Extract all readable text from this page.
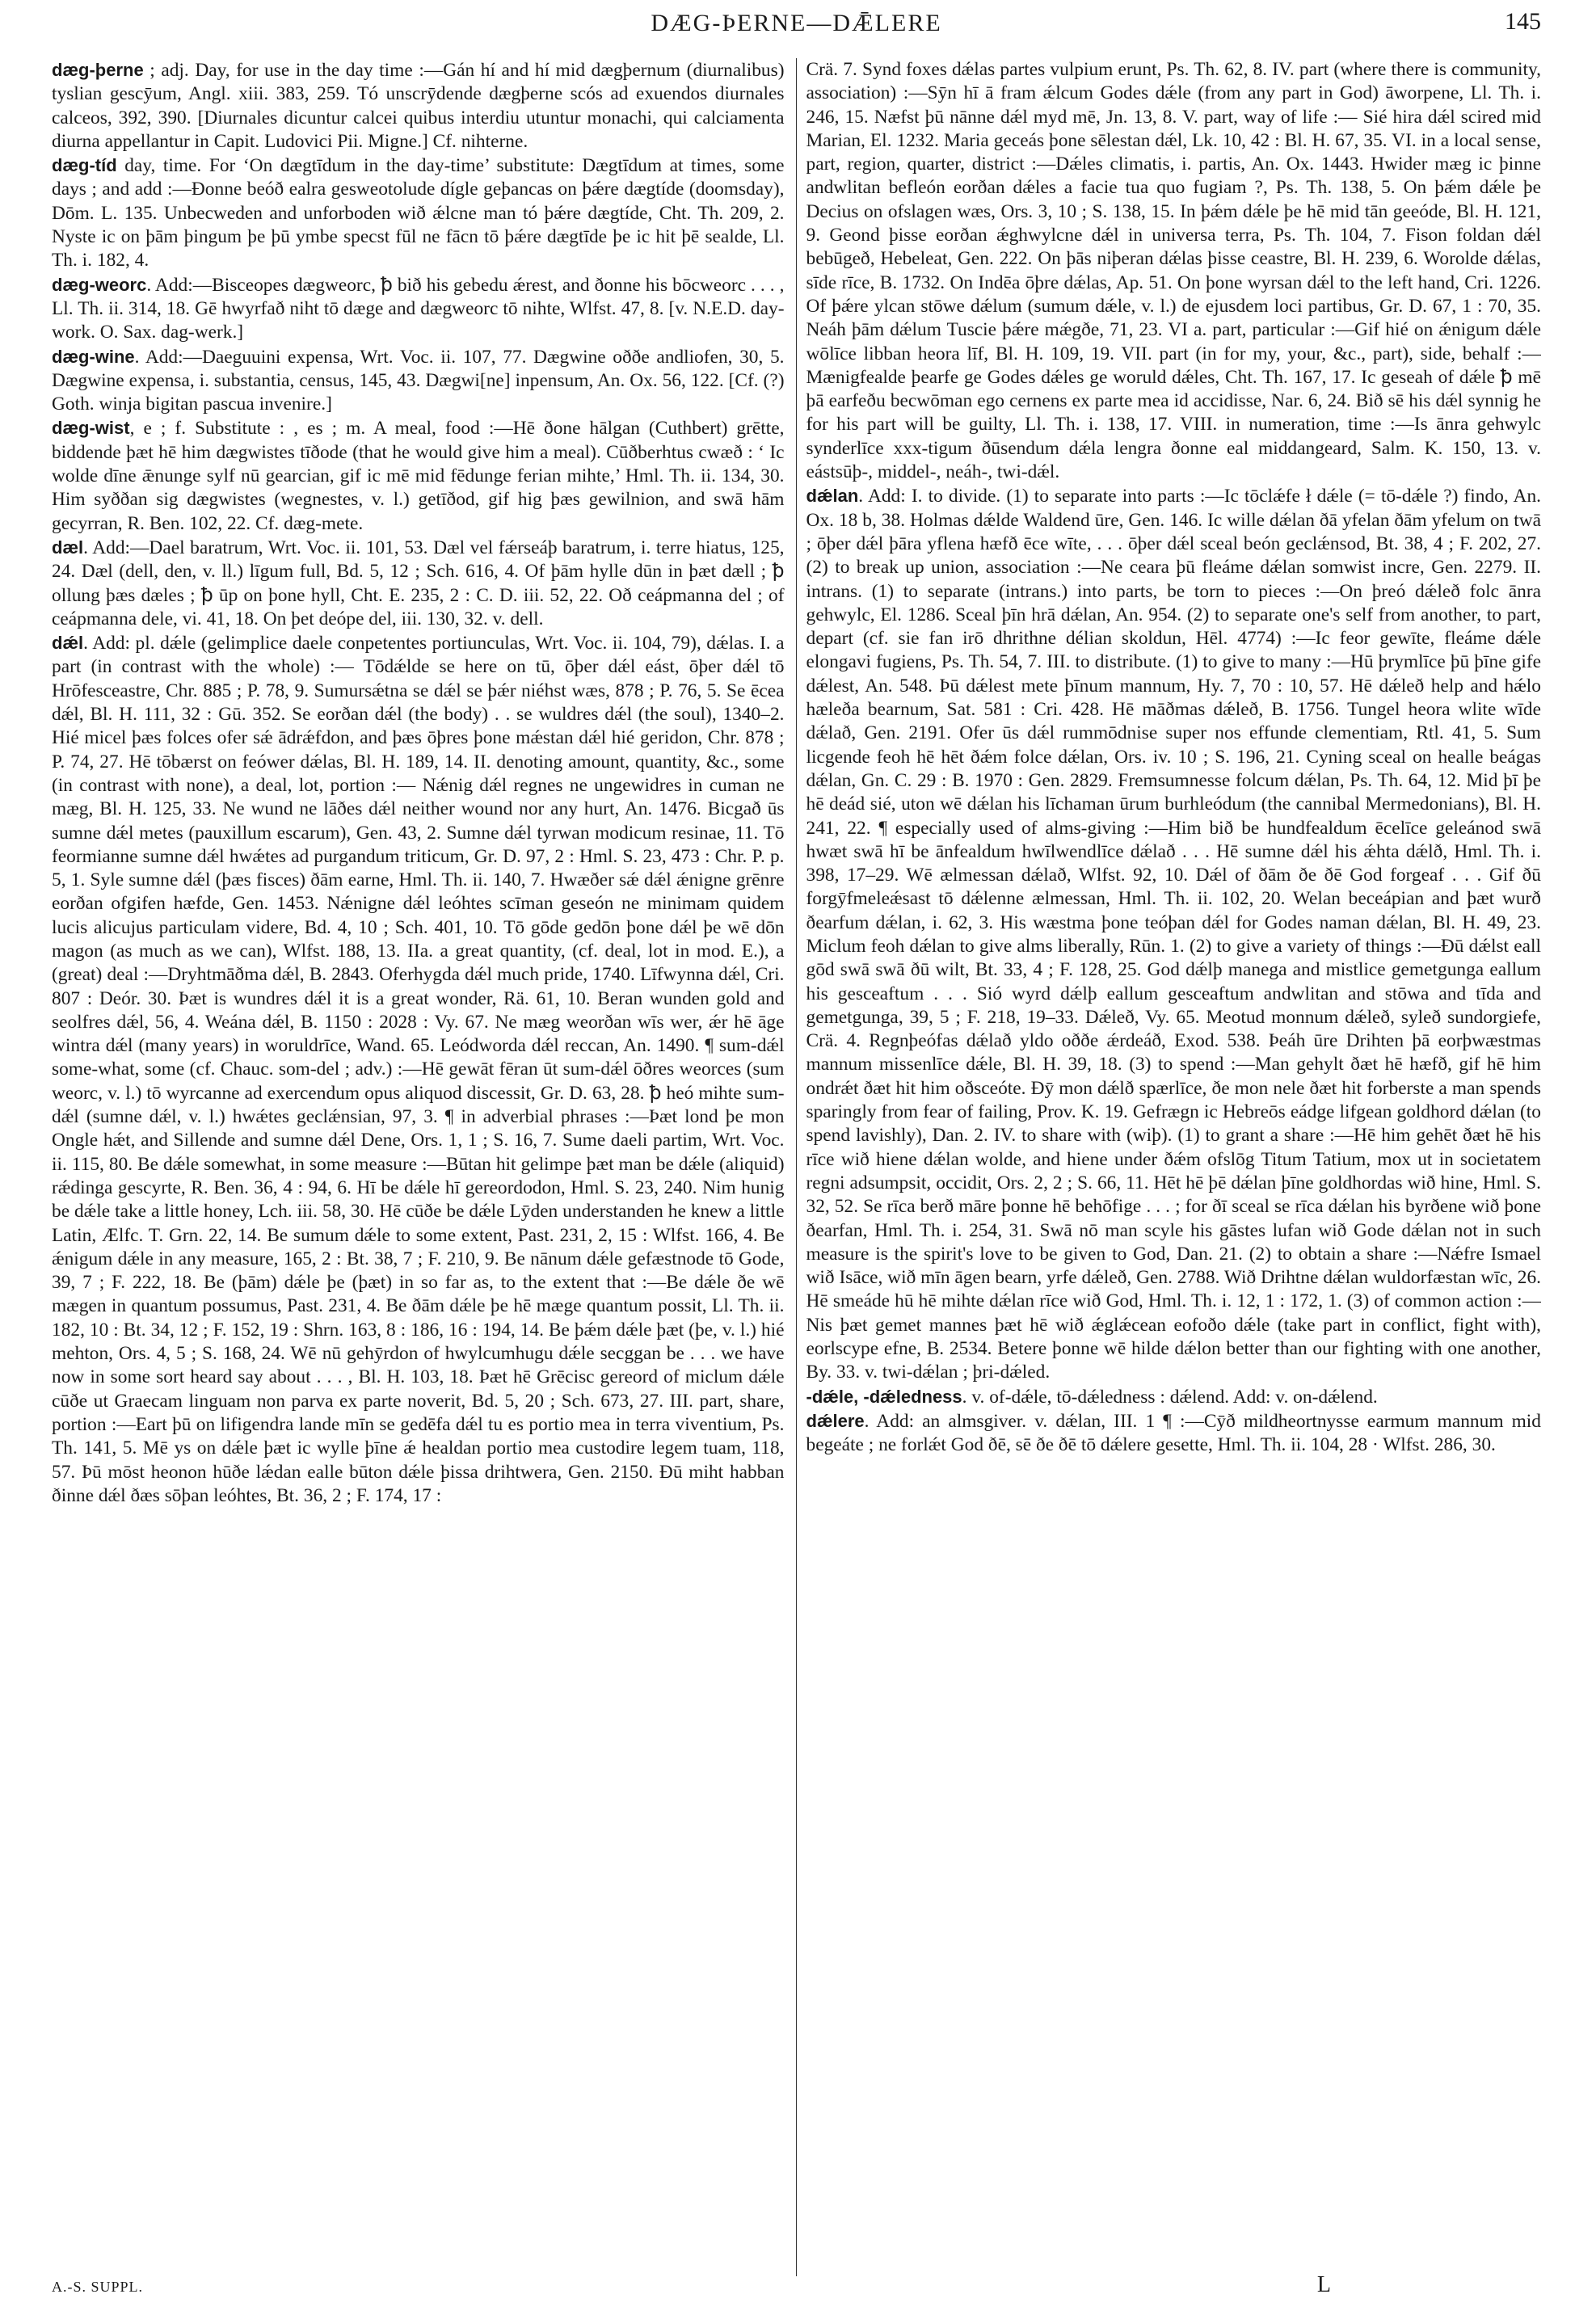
DÆG-ÞERNE—DǢLERE	145

dæg-þerne ; adj. Day, for use in the day time :—Gán hí and hí mid dægþernum (diurnalibus) tyslian gescȳum, Angl. xiii. 383, 259. Tó unscrȳdende dægþerne scós ad exuendos diurnales calceos, 392, 390. [Diurnales dicuntur calcei quibus interdiu utuntur monachi, qui calciamenta diurna appellantur in Capit. Ludovici Pii. Migne.] Cf. nihterne.

dæg-tíd day, time. For ‘On dægtīdum in the day-time’ substitute: Dægtīdum at times, some days ; and add :—Ðonne beóð ealra gesweotolude dígle geþancas on þǽre dægtíde (doomsday), Dōm. L. 135. Unbecweden and unforboden wið ǽlcne man tó þǽre dægtíde, Cht. Th. 209, 2. Nyste ic on þām þingum þe þū ymbe specst fūl ne fācn tō þǽre dægtīde þe ic hit þē sealde, Ll. Th. i. 182, 4.

dæg-weorc. Add:—Bisceopes dægweorc, ꝥ bið his gebedu ǽrest, and ðonne his bōcweorc . . . , Ll. Th. ii. 314, 18. Gē hwyrfað niht tō dæge and dægweorc tō nihte, Wlfst. 47, 8. [v. N.E.D. day-work. O. Sax. dag-werk.]

dæg-wine. Add:—Daeguuini expensa, Wrt. Voc. ii. 107, 77. Dægwine oððe andliofen, 30, 5. Dægwine expensa, i. substantia, census, 145, 43. Dægwi[ne] inpensum, An. Ox. 56, 122. [Cf. (?) Goth. winja bigitan pascua invenire.]

dæg-wist, e ; f. Substitute : , es ; m. A meal, food :—Hē ðone hālgan (Cuthbert) grētte, biddende þæt hē him dægwistes tīðode (that he would give him a meal). Cūðberhtus cwæð : ‘ Ic wolde dīne ǣnunge sylf nū gearcian, gif ic mē mid fēdunge ferian mihte,’ Hml. Th. ii. 134, 30. Him syððan sig dægwistes (wegnestes, v. l.) getīðod, gif hig þæs gewilnion, and swā hām gecyrran, R. Ben. 102, 22. Cf. dæg-mete.

dæl. Add:—Dael baratrum, Wrt. Voc. ii. 101, 53. Dæl vel fǽrseáþ baratrum, i. terre hiatus, 125, 24. Dæl (dell, den, v. ll.) līgum full, Bd. 5, 12 ; Sch. 616, 4. Of þām hylle dūn in þæt dæll ; ꝥ ollung þæs dæles ; ꝥ ūp on þone hyll, Cht. E. 235, 2 : C. D. iii. 52, 22. Oð ceápmanna del ; of ceápmanna dele, vi. 41, 18. On þet deópe del, iii. 130, 32. v. dell.

dǽl. Add: pl. dǽle (gelimplice daele conpetentes portiunculas, Wrt. Voc. ii. 104, 79), dǽlas. I. a part (in contrast with the whole) :— Tōdǽlde se here on tū, ōþer dǽl eást, ōþer dǽl tō Hrōfesceastre, Chr. 885 ; P. 78, 9. Sumursǽtna se dǽl se þǽr niéhst wæs, 878 ; P. 76, 5. Se ēcea dǽl, Bl. H. 111, 32 : Gū. 352. Se eorðan dǽl (the body) . . se wuldres dǽl (the soul), 1340–2. Hié micel þæs folces ofer sǽ ādrǽfdon, and þæs ōþres þone mǽstan dǽl hié geridon, Chr. 878 ; P. 74, 27. Hē tōbærst on feówer dǽlas, Bl. H. 189, 14. II. denoting amount, quantity, &c., some (in contrast with none), a deal, lot, portion :— Nǽnig dǽl regnes ne ungewidres in cuman ne mæg, Bl. H. 125, 33. Ne wund ne lāðes dǽl neither wound nor any hurt, An. 1476. Bicgað ūs sumne dǽl metes (pauxillum escarum), Gen. 43, 2. Sumne dǽl tyrwan modicum resinae, 11. Tō feormianne sumne dǽl hwǽtes ad purgandum triticum, Gr. D. 97, 2 : Hml. S. 23, 473 : Chr. P. p. 5, 1. Syle sumne dǽl (þæs fisces) ðām earne, Hml. Th. ii. 140, 7. Hwæðer sǽ dǽl ǽnigne grēnre eorðan ofgifen hæfde, Gen. 1453. Nǽnigne dǽl leóhtes scīman geseón ne minimam quidem lucis alicujus particulam videre, Bd. 4, 10 ; Sch. 401, 10. Tō gōde gedōn þone dǽl þe wē dōn magon (as much as we can), Wlfst. 188, 13. IIa. a great quantity, (cf. deal, lot in mod. E.), a (great) deal :—Dryhtmāðma dǽl, B. 2843. Oferhygda dǽl much pride, 1740. Līfwynna dǽl, Cri. 807 : Deór. 30. Þæt is wundres dǽl it is a great wonder, Rä. 61, 10. Beran wunden gold and seolfres dǽl, 56, 4. Weána dǽl, B. 1150 : 2028 : Vy. 67. Ne mæg weorðan wīs wer, ǽr hē āge wintra dǽl (many years) in woruldrīce, Wand. 65. Leódworda dǽl reccan, An. 1490. ¶ sum-dǽl some-what, some (cf. Chauc. som-del ; adv.) :—Hē gewāt fēran ūt sum-dǽl ōðres weorces (sum weorc, v. l.) tō wyrcanne ad exercendum opus aliquod discessit, Gr. D. 63, 28. ꝥ heó mihte sum-dǽl (sumne dǽl, v. l.) hwǽtes geclǽnsian, 97, 3. ¶ in adverbial phrases :—Þæt lond þe mon Ongle hǽt, and Sillende and sumne dǽl Dene, Ors. 1, 1 ; S. 16, 7. Sume daeli partim, Wrt. Voc. ii. 115, 80. Be dǽle somewhat, in some measure :—Būtan hit gelimpe þæt man be dǽle (aliquid) rǽdinga gescyrte, R. Ben. 36, 4 : 94, 6. Hī be dǽle hī gereordodon, Hml. S. 23, 240. Nim hunig be dǽle take a little honey, Lch. iii. 58, 30. Hē cūðe be dǽle Lȳden understanden he knew a little Latin, Ælfc. T. Grn. 22, 14. Be sumum dǽle to some extent, Past. 231, 2, 15 : Wlfst. 166, 4. Be ǽnigum dǽle in any measure, 165, 2 : Bt. 38, 7 ; F. 210, 9. Be nānum dǽle gefæstnode tō Gode, 39, 7 ; F. 222, 18. Be (þām) dǽle þe (þæt) in so far as, to the extent that :—Be dǽle ðe wē mægen in quantum possumus, Past. 231, 4. Be ðām dǽle þe hē mæge quantum possit, Ll. Th. ii. 182, 10 : Bt. 34, 12 ; F. 152, 19 : Shrn. 163, 8 : 186, 16 : 194, 14. Be þǽm dǽle þæt (þe, v. l.) hié mehton, Ors. 4, 5 ; S. 168, 24. Wē nū gehȳrdon of hwylcumhugu dǽle secggan be . . . we have now in some sort heard say about . . . , Bl. H. 103, 18. Þæt hē Grēcisc gereord of miclum dǽle cūðe ut Graecam linguam non parva ex parte noverit, Bd. 5, 20 ; Sch. 673, 27. III. part, share, portion :—Eart þū on lifigendra lande mīn se gedēfa dǽl tu es portio mea in terra viventium, Ps. Th. 141, 5. Mē ys on dǽle þæt ic wylle þīne ǽ healdan portio mea custodire legem tuam, 118, 57. Þū mōst heonon hūðe lǽdan ealle būton dǽle þissa drihtwera, Gen. 2150. Ðū miht habban ðinne dǽl ðæs sōþan leóhtes, Bt. 36, 2 ; F. 174, 17 :

Crä. 7. Synd foxes dǽlas partes vulpium erunt, Ps. Th. 62, 8. IV. part (where there is community, association) :—Sȳn hī ā fram ǽlcum Godes dǽle (from any part in God) āworpene, Ll. Th. i. 246, 15. Næfst þū nānne dǽl myd mē, Jn. 13, 8. V. part, way of life :— Sié hira dǽl scired mid Marian, El. 1232. Maria geceás þone sēlestan dǽl, Lk. 10, 42 : Bl. H. 67, 35. VI. in a local sense, part, region, quarter, district :—Dǽles climatis, i. partis, An. Ox. 1443. Hwider mæg ic þinne andwlitan befleón eorðan dǽles a facie tua quo fugiam ?, Ps. Th. 138, 5. On þǽm dǽle þe Decius on ofslagen wæs, Ors. 3, 10 ; S. 138, 15. In þǽm dǽle þe hē mid tān geeóde, Bl. H. 121, 9. Geond þisse eorðan ǽghwylcne dǽl in universa terra, Ps. Th. 104, 7. Fison foldan dǽl bebūgeð, Hebeleat, Gen. 222. On þās niþeran dǽlas þisse ceastre, Bl. H. 239, 6. Worolde dǽlas, sīde rīce, B. 1732. On Indēa ōþre dǽlas, Ap. 51. On þone wyrsan dǽl to the left hand, Cri. 1226. Of þǽre ylcan stōwe dǽlum (sumum dǽle, v. l.) de ejusdem loci partibus, Gr. D. 67, 1 : 70, 35. Neáh þām dǽlum Tuscie þǽre mǽgðe, 71, 23. VI a. part, particular :—Gif hié on ǽnigum dǽle wōlīce libban heora līf, Bl. H. 109, 19. VII. part (in for my, your, &c., part), side, behalf :—Mænigfealde þearfe ge Godes dǽles ge woruld dǽles, Cht. Th. 167, 17. Ic geseah of dǽle ꝥ mē þā earfeðu becwōman ego cernens ex parte mea id accidisse, Nar. 6, 24. Bið sē his dǽl synnig he for his part will be guilty, Ll. Th. i. 138, 17. VIII. in numeration, time :—Is ānra gehwylc synderlīce xxx-tigum ðūsendum dǽla lengra ðonne eal middangeard, Salm. K. 150, 13. v. eástsūþ-, middel-, neáh-, twi-dǽl.

dǽlan. Add: I. to divide. (1) to separate into parts :—Ic tōclǽfe ł dǽle (= tō-dǽle ?) findo, An. Ox. 18 b, 38. Holmas dǽlde Waldend ūre, Gen. 146. Ic wille dǽlan ðā yfelan ðām yfelum on twā ; ōþer dǽl þāra yflena hæfð ēce wīte, . . . ōþer dǽl sceal beón geclǽnsod, Bt. 38, 4 ; F. 202, 27. (2) to break up union, association :—Ne ceara þū fleáme dǽlan somwist incre, Gen. 2279. II. intrans. (1) to separate (intrans.) into parts, be torn to pieces :—On þreó dǽleð folc ānra gehwylc, El. 1286. Sceal þīn hrā dǽlan, An. 954. (2) to separate one's self from another, to part, depart (cf. sie fan irō dhrithne délian skoldun, Hēl. 4774) :—Ic feor gewīte, fleáme dǽle elongavi fugiens, Ps. Th. 54, 7. III. to distribute. (1) to give to many :—Hū þrymlīce þū þīne gife dǽlest, An. 548. Þū dǽlest mete þīnum mannum, Hy. 7, 70 : 10, 57. Hē dǽleð help and hǽlo hæleða bearnum, Sat. 581 : Cri. 428. Hē māðmas dǽleð, B. 1756. Tungel heora wlite wīde dǽlað, Gen. 2191. Ofer ūs dǽl rummōdnise super nos effunde clementiam, Rtl. 41, 5. Sum licgende feoh hē hēt ðǽm folce dǽlan, Ors. iv. 10 ; S. 196, 21. Cyning sceal on healle beágas dǽlan, Gn. C. 29 : B. 1970 : Gen. 2829. Fremsumnesse folcum dǽlan, Ps. Th. 64, 12. Mid þī þe hē deád sié, uton wē dǽlan his līchaman ūrum burhleódum (the cannibal Mermedonians), Bl. H. 241, 22. ¶ especially used of alms-giving :—Him bið be hundfealdum ēcelīce geleánod swā hwæt swā hī be ānfealdum hwīlwendlīce dǽlað . . . Hē sumne dǽl his ǽhta dǽlð, Hml. Th. i. 398, 17–29. Wē ælmessan dǽlað, Wlfst. 92, 10. Dǽl of ðām ðe ðē God forgeaf . . . Gif ðū forgȳfmeleǽsast tō dǽlenne ælmessan, Hml. Th. ii. 102, 20. Welan beceápian and þæt wurð ðearfum dǽlan, i. 62, 3. His wæstma þone teóþan dǽl for Godes naman dǽlan, Bl. H. 49, 23. Miclum feoh dǽlan to give alms liberally, Rūn. 1. (2) to give a variety of things :—Ðū dǽlst eall gōd swā swā ðū wilt, Bt. 33, 4 ; F. 128, 25. God dǽlþ manega and mistlice gemetgunga eallum his gesceaftum . . . Sió wyrd dǽlþ eallum gesceaftum andwlitan and stōwa and tīda and gemetgunga, 39, 5 ; F. 218, 19–33. Dǽleð, Vy. 65. Meotud monnum dǽleð, syleð sundorgiefe, Crä. 4. Regnþeófas dǽlað yldo oððe ǽrdeáð, Exod. 538. Þeáh ūre Drihten þā eorþwæstmas mannum missenlīce dǽle, Bl. H. 39, 18. (3) to spend :—Man gehylt ðæt hē hæfð, gif hē him ondrǽt ðæt hit him oðsceóte. Ðȳ mon dǽlð spærlīce, ðe mon nele ðæt hit forberste a man spends sparingly from fear of failing, Prov. K. 19. Gefrægn ic Hebreōs eádge lifgean goldhord dǽlan (to spend lavishly), Dan. 2. IV. to share with (wiþ). (1) to grant a share :—Hē him gehēt ðæt hē his rīce wið hiene dǽlan wolde, and hiene under ðǽm ofslōg Titum Tatium, mox ut in societatem regni adsumpsit, occidit, Ors. 2, 2 ; S. 66, 11. Hēt hē þē dǽlan þīne goldhordas wið hine, Hml. S. 32, 52. Se rīca berð māre þonne hē behōfige . . . ; for ðī sceal se rīca dǽlan his byrðene wið þone ðearfan, Hml. Th. i. 254, 31. Swā nō man scyle his gāstes lufan wið Gode dǽlan not in such measure is the spirit's love to be given to God, Dan. 21. (2) to obtain a share :—Nǽfre Ismael wið Isāce, wið mīn āgen bearn, yrfe dǽleð, Gen. 2788. Wið Drihtne dǽlan wuldorfæstan wīc, 26. Hē smeáde hū hē mihte dǽlan rīce wið God, Hml. Th. i. 12, 1 : 172, 1. (3) of common action :—Nis þæt gemet mannes þæt hē wið ǽglǽcean eofoðo dǽle (take part in conflict, fight with), eorlscype efne, B. 2534. Betere þonne wē hilde dǽlon better than our fighting with one another, By. 33. v. twi-dǽlan ; þri-dǽled.

-dǽle, -dǽledness. v. of-dǽle, tō-dǽledness : dǽlend. Add: v. on-dǽlend.

dǽlere. Add: an almsgiver. v. dǽlan, III. 1 ¶ :—Cȳð mildheortnysse earmum mannum mid begeáte ; ne forlǽt God ðē, sē ðe ðē tō dǽlere gesette, Hml. Th. ii. 104, 28 · Wlfst. 286, 30.

A.-S. SUPPL.	L
